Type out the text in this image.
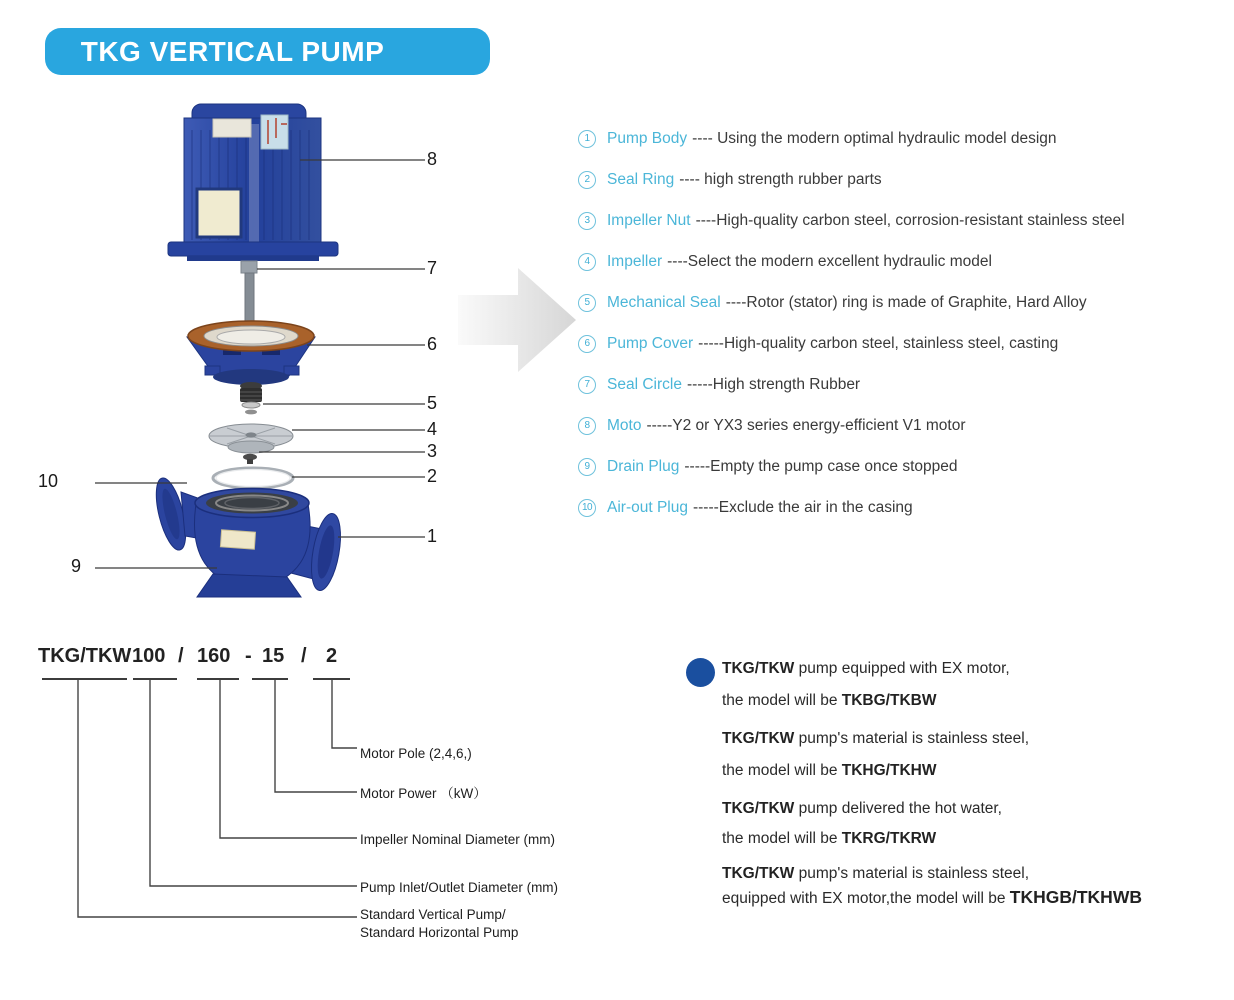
TKG VERTICAL PUMP
8
7
6
5
4
3
2
1
10
9
1	Pump Body ---- Using the modern optimal hydraulic model design
2	Seal Ring ---- high strength rubber parts
3	Impeller Nut ----High-quality carbon steel, corrosion-resistant stainless steel
4	Impeller ----Select the modern excellent hydraulic model
5	Mechanical Seal ----Rotor (stator) ring is made of Graphite, Hard Alloy
6	Pump Cover -----High-quality carbon steel, stainless steel, casting
7	Seal Circle -----High strength Rubber
8	Moto -----Y2 or YX3 series energy-efficient V1 motor
9	Drain Plug -----Empty the pump case once stopped
10 Air-out Plug -----Exclude the air in the casing
TKG/TKW 100 / 160 - 15 / 2
Motor Pole (2,4,6,)
Motor Power （kW）
Impeller Nominal Diameter (mm)
Pump Inlet/Outlet Diameter (mm)
Standard Vertical Pump/
Standard Horizontal Pump
TKG/TKW pump equipped with EX motor,
the model will be TKBG/TKBW
TKG/TKW pump's material is stainless steel,
the model will be TKHG/TKHW
TKG/TKW pump delivered the hot water,
the model will be TKRG/TKRW
TKG/TKW pump's material is stainless steel,
equipped with EX motor,the model will be TKHGB/TKHWB
